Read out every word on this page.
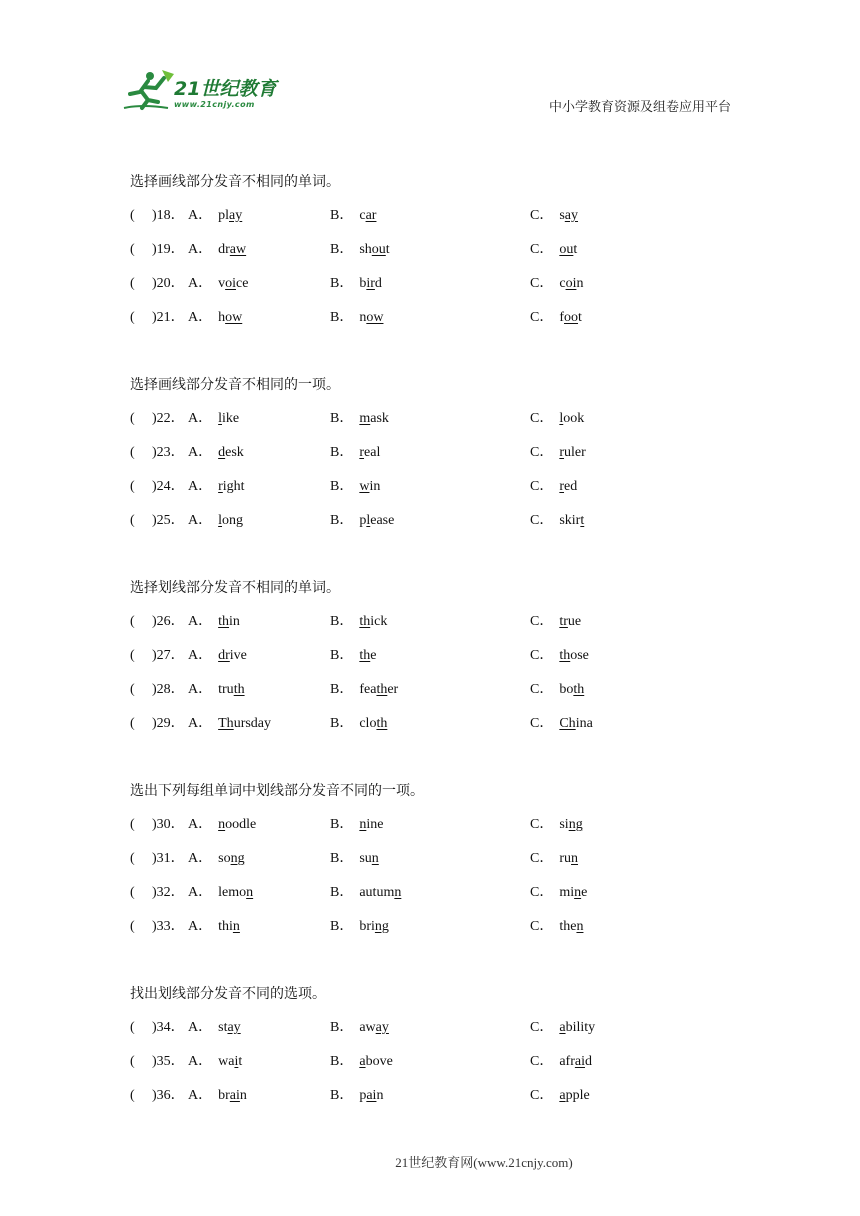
21世纪教育
www.21cnjy.com	中小学教育资源及组卷应用平台
选择画线部分发音不相同的单词。
( )18． A． play	B． car	C． say
( )19． A． draw	B． shout	C． out
( )20． A． voice	B． bird	C． coin
( )21． A． how	B． now	C． foot
选择画线部分发音不相同的一项。
( )22． A． like	B． mask	C． look
( )23． A． desk	B． real	C． ruler
( )24． A． right	B． win	C． red
( )25． A． long	B． please	C． skirt
选择划线部分发音不相同的单词。
( )26． A． thin	B． thick	C． true
( )27． A． drive	B． the	C． those
( )28． A． truth	B． feather	C． both
( )29． A． Thursday	B． cloth	C． China
选出下列每组单词中划线部分发音不同的一项。
( )30． A． noodle	B． nine	C． sing
( )31． A． song	B． sun	C． run
( )32． A． lemon	B． autumn	C． mine
( )33． A． thin	B． bring	C． then
找出划线部分发音不同的选项。
( )34． A． stay	B． away	C． ability
( )35． A． wait	B． above	C． afraid
( )36． A． brain	B． pain	C． apple
21世纪教育网(www.21cnjy.com)
